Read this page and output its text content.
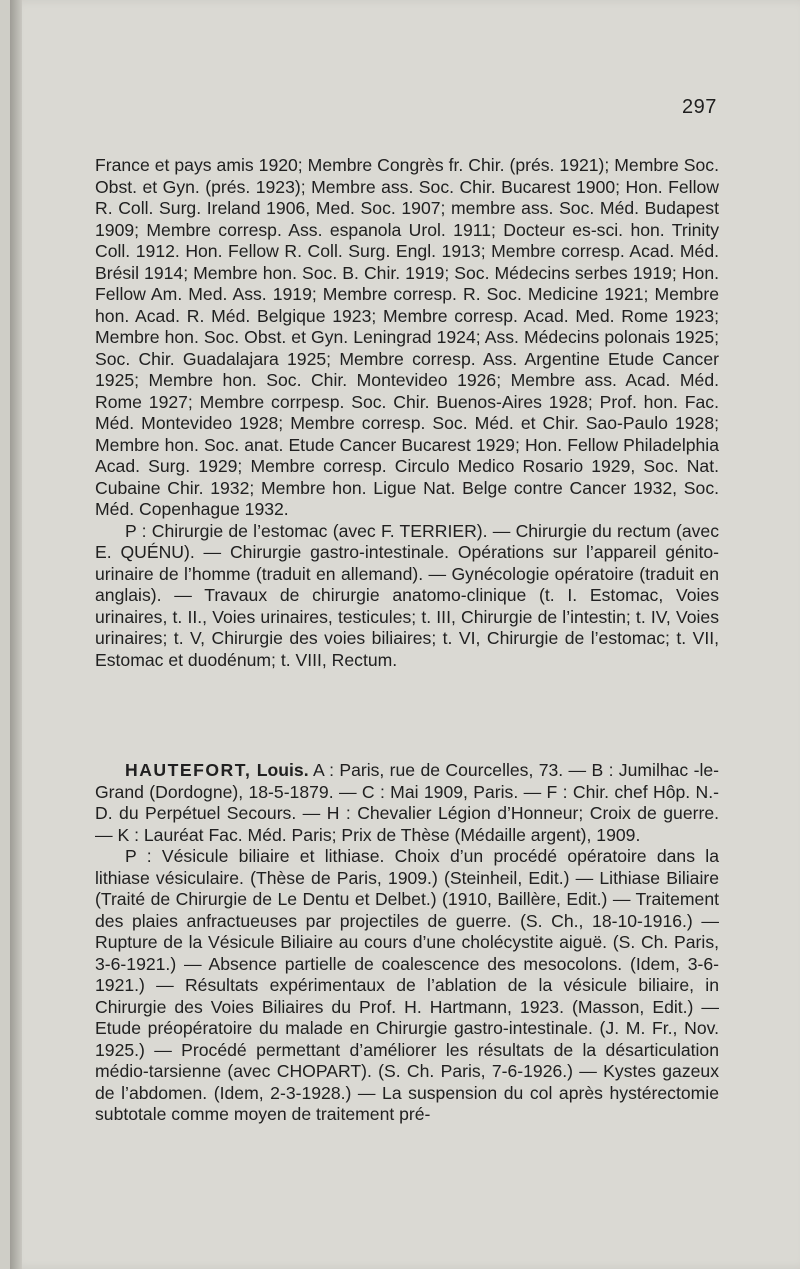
297

France et pays amis 1920; Membre Congrès fr. Chir. (prés. 1921); Membre Soc. Obst. et Gyn. (prés. 1923); Membre ass. Soc. Chir. Bucarest 1900; Hon. Fellow R. Coll. Surg. Ireland 1906, Med. Soc. 1907; membre ass. Soc. Méd. Budapest 1909; Membre corresp. Ass. espanola Urol. 1911; Docteur es-sci. hon. Trinity Coll. 1912. Hon. Fellow R. Coll. Surg. Engl. 1913; Membre corresp. Acad. Méd. Brésil 1914; Membre hon. Soc. B. Chir. 1919; Soc. Médecins serbes 1919; Hon. Fellow Am. Med. Ass. 1919; Membre corresp. R. Soc. Medicine 1921; Membre hon. Acad. R. Méd. Belgique 1923; Membre corresp. Acad. Med. Rome 1923; Membre hon. Soc. Obst. et Gyn. Leningrad 1924; Ass. Médecins polonais 1925; Soc. Chir. Guadalajara 1925; Membre corresp. Ass. Argentine Etude Cancer 1925; Membre hon. Soc. Chir. Montevideo 1926; Membre ass. Acad. Méd. Rome 1927; Membre corrpesp. Soc. Chir. Buenos-Aires 1928; Prof. hon. Fac. Méd. Montevideo 1928; Membre corresp. Soc. Méd. et Chir. Sao-Paulo 1928; Membre hon. Soc. anat. Etude Cancer Bucarest 1929; Hon. Fellow Philadelphia Acad. Surg. 1929; Membre corresp. Circulo Medico Rosario 1929, Soc. Nat. Cubaine Chir. 1932; Membre hon. Ligue Nat. Belge contre Cancer 1932, Soc. Méd. Copenhague 1932.

P : Chirurgie de l’estomac (avec F. TERRIER). — Chirurgie du rectum (avec E. QUÉNU). — Chirurgie gastro-intestinale. Opérations sur l’appareil génito-urinaire de l’homme (traduit en allemand). — Gynécologie opératoire (traduit en anglais). — Travaux de chirurgie anatomo-clinique (t. I. Estomac, Voies urinaires, t. II., Voies urinaires, testicules; t. III, Chirurgie de l’intestin; t. IV, Voies urinaires; t. V, Chirurgie des voies biliaires; t. VI, Chirurgie de l’estomac; t. VII, Estomac et duodénum; t. VIII, Rectum.

HAUTEFORT, Louis. A : Paris, rue de Courcelles, 73. — B : Jumilhac -le-Grand (Dordogne), 18-5-1879. — C : Mai 1909, Paris. — F : Chir. chef Hôp. N.-D. du Perpétuel Secours. — H : Chevalier Légion d’Honneur; Croix de guerre. — K : Lauréat Fac. Méd. Paris; Prix de Thèse (Médaille argent), 1909.

P : Vésicule biliaire et lithiase. Choix d’un procédé opératoire dans la lithiase vésiculaire. (Thèse de Paris, 1909.) (Steinheil, Edit.) — Lithiase Biliaire (Traité de Chirurgie de Le Dentu et Delbet.) (1910, Baillère, Edit.) — Traitement des plaies anfractueuses par projectiles de guerre. (S. Ch., 18-10-1916.) — Rupture de la Vésicule Biliaire au cours d’une cholécystite aiguë. (S. Ch. Paris, 3-6-1921.) — Absence partielle de coalescence des mesocolons. (Idem, 3-6-1921.) — Résultats expérimentaux de l’ablation de la vésicule biliaire, in Chirurgie des Voies Biliaires du Prof. H. Hartmann, 1923. (Masson, Edit.) — Etude préopératoire du malade en Chirurgie gastro-intestinale. (J. M. Fr., Nov. 1925.) — Procédé permettant d’améliorer les résultats de la désarticulation médio-tarsienne (avec CHOPART). (S. Ch. Paris, 7-6-1926.) — Kystes gazeux de l’abdomen. (Idem, 2-3-1928.) — La suspension du col après hystérectomie subtotale comme moyen de traitement pré-
